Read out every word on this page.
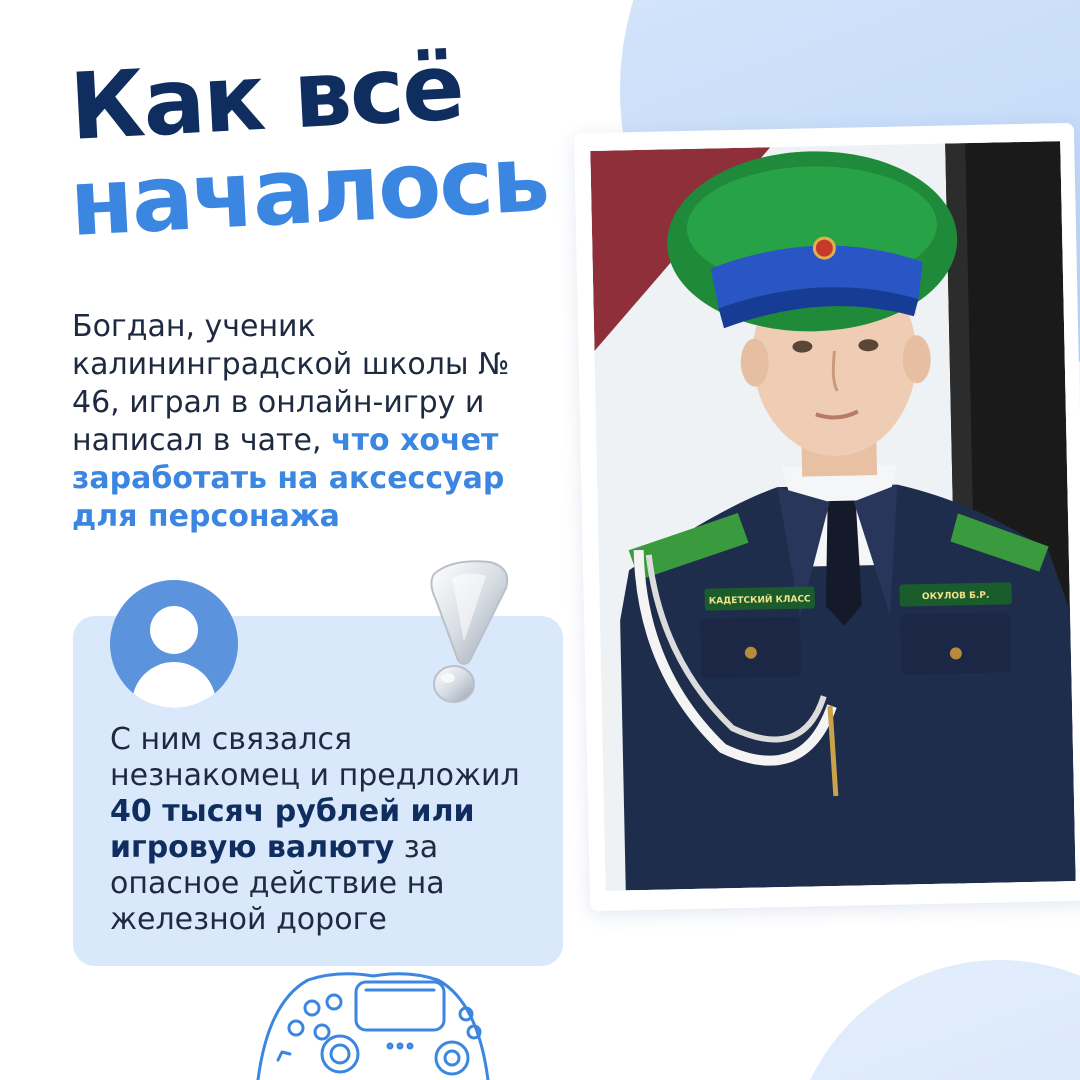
Как всё
началось
Богдан, ученик калининградской школы № 46, играл в онлайн-игру и написал в чате, что хочет заработать на аксессуар для персонажа
С ним связался незнакомец и предложил 40 тысяч рублей или игровую валюту за опасное действие на железной дороге
КАДЕТСКИЙ КЛАСС	ОКУЛОВ Б.Р.
